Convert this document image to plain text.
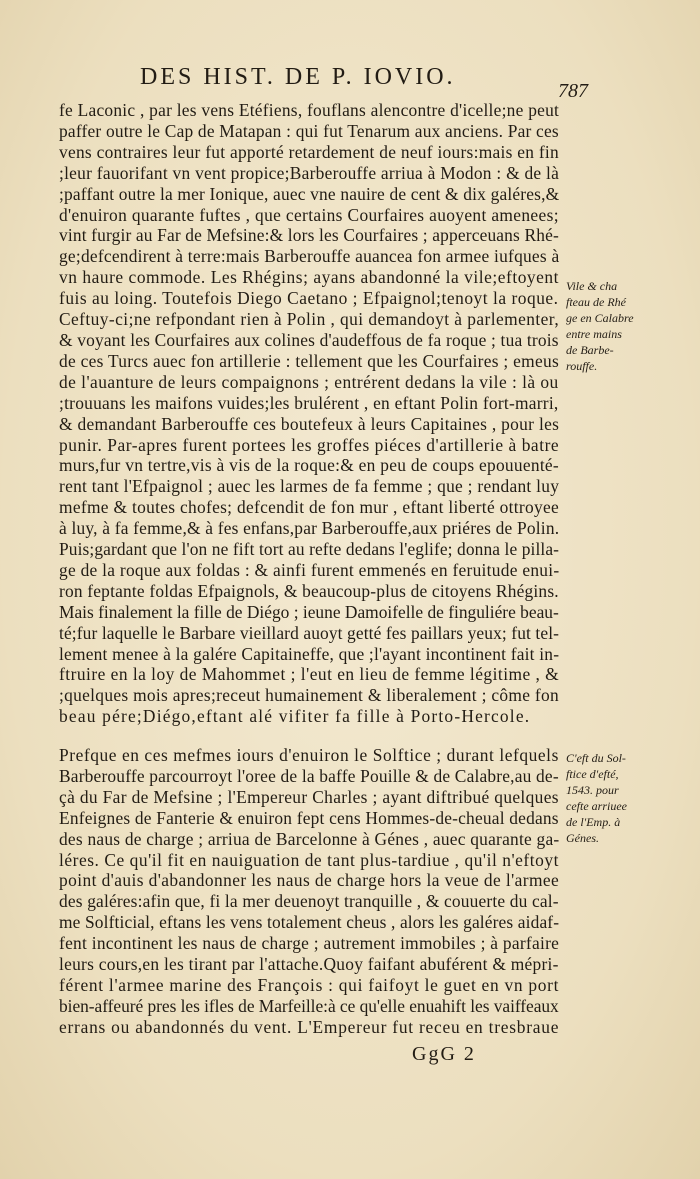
DES HIST. DE P. IOVIO.
787
fe Laconic , par les vens Etéfiens, fouflans alencontre d'icelle;ne peut
paffer outre le Cap de Matapan : qui fut Tenarum aux anciens. Par ces
vens contraires leur fut apporté retardement de neuf iours:mais en fin
;leur fauorifant vn vent propice;Barberouffe arriua à Modon : & de là
;paffant outre la mer Ionique, auec vne nauire de cent & dix galéres,&
d'enuiron quarante fuftes , que certains Courfaires auoyent amenees;
vint furgir au Far de Mefsine:& lors les Courfaires ; apperceuans Rhé-
ge;defcendirent à terre:mais Barberouffe auancea fon armee iufques à
vn haure commode. Les Rhégins; ayans abandonné la vile;eftoyent
fuis au loing. Toutefois Diego Caetano ; Efpaignol;tenoyt la roque.
Ceftuy-ci;ne refpondant rien à Polin , qui demandoyt à parlementer,
& voyant les Courfaires aux colines d'audeffous de fa roque ; tua trois
de ces Turcs auec fon artillerie : tellement que les Courfaires ; emeus
de l'auanture de leurs compaignons ; entrérent dedans la vile : là ou
;trouuans les maifons vuides;les brulérent , en eftant Polin fort-marri,
& demandant Barberouffe ces boutefeux à leurs Capitaines , pour les
punir. Par-apres furent portees les groffes piéces d'artillerie à batre
murs,fur vn tertre,vis à vis de la roque:& en peu de coups epouuenté-
rent tant l'Efpaignol ; auec les larmes de fa femme ; que ; rendant luy
mefme & toutes chofes; defcendit de fon mur , eftant liberté ottroyee
à luy, à fa femme,& à fes enfans,par Barberouffe,aux priéres de Polin.
Puis;gardant que l'on ne fift tort au refte dedans l'eglife; donna le pilla-
ge de la roque aux foldas : & ainfi furent emmenés en feruitude enui-
ron feptante foldas Efpaignols, & beaucoup-plus de citoyens Rhégins.
Mais finalement la fille de Diégo ; ieune Damoifelle de finguliére beau-
té;fur laquelle le Barbare vieillard auoyt getté fes paillars yeux; fut tel-
lement menee à la galére Capitaineffe, que ;l'ayant incontinent fait in-
ftruire en la loy de Mahommet ; l'eut en lieu de femme légitime , &
;quelques mois apres;receut humainement & liberalement ; côme fon
beau pére;Diégo,eftant alé vifiter fa fille à Porto-Hercole.
Prefque en ces mefmes iours d'enuiron le Solftice ; durant lefquels
Barberouffe parcourroyt l'oree de la baffe Pouille & de Calabre,au de-
çà du Far de Mefsine ; l'Empereur Charles ; ayant diftribué quelques
Enfeignes de Fanterie & enuiron fept cens Hommes-de-cheual dedans
des naus de charge ; arriua de Barcelonne à Génes , auec quarante ga-
léres. Ce qu'il fit en nauiguation de tant plus-tardiue , qu'il n'eftoyt
point d'auis d'abandonner les naus de charge hors la veue de l'armee
des galéres:afin que, fi la mer deuenoyt tranquille , & couuerte du cal-
me Solfticial, eftans les vens totalement cheus , alors les galéres aidaf-
fent incontinent les naus de charge ; autrement immobiles ; à parfaire
leurs cours,en les tirant par l'attache.Quoy faifant abuférent & mépri-
férent l'armee marine des François : qui faifoyt le guet en vn port
bien-affeuré pres les ifles de Marfeille:à ce qu'elle enuahift les vaiffeaux
errans ou abandonnés du vent. L'Empereur fut receu en tresbraue
Vile & cha
fteau de Rhé
ge en Calabre
entre mains
de Barbe-
rouffe.
C'eft du Sol-
ftice d'efté,
1543. pour
cefte arriuee
de l'Emp. à
Génes.
GgG 2
